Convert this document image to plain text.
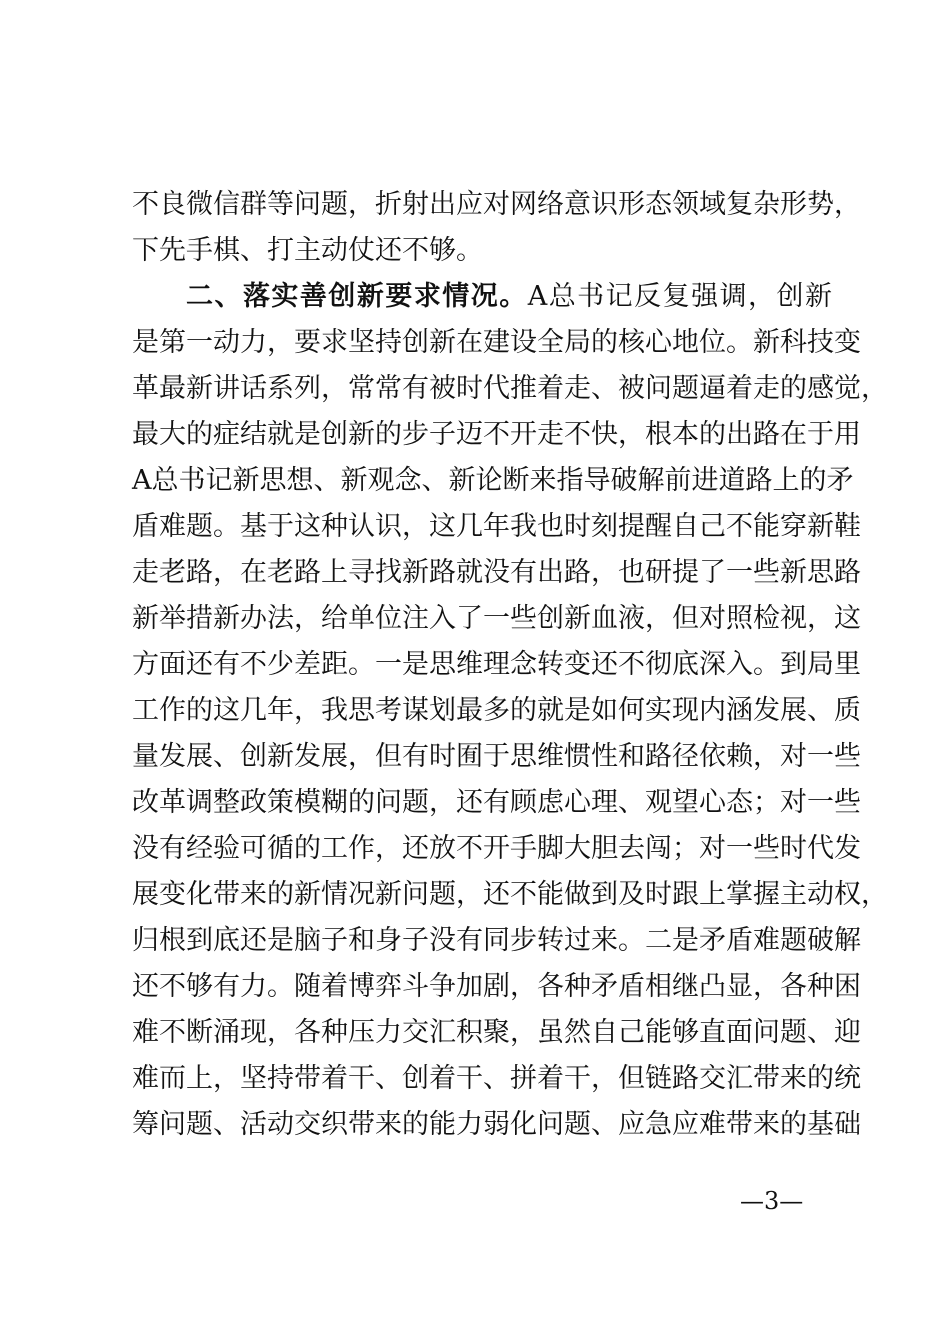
不良微信群等问题，折射出应对网络意识形态领域复杂形势，
下先手棋、打主动仗还不够。
二、落实善创新要求情况。A总书记反复强调，创新
是第一动力，要求坚持创新在建设全局的核心地位。新科技变
革最新讲话系列，常常有被时代推着走、被问题逼着走的感觉，
最大的症结就是创新的步子迈不开走不快，根本的出路在于用
A总书记新思想、新观念、新论断来指导破解前进道路上的矛
盾难题。基于这种认识，这几年我也时刻提醒自己不能穿新鞋
走老路，在老路上寻找新路就没有出路，也研提了一些新思路
新举措新办法，给单位注入了一些创新血液，但对照检视，这
方面还有不少差距。一是思维理念转变还不彻底深入。到局里
工作的这几年，我思考谋划最多的就是如何实现内涵发展、质
量发展、创新发展，但有时囿于思维惯性和路径依赖，对一些
改革调整政策模糊的问题，还有顾虑心理、观望心态；对一些
没有经验可循的工作，还放不开手脚大胆去闯；对一些时代发
展变化带来的新情况新问题，还不能做到及时跟上掌握主动权，
归根到底还是脑子和身子没有同步转过来。二是矛盾难题破解
还不够有力。随着博弈斗争加剧，各种矛盾相继凸显，各种困
难不断涌现，各种压力交汇积聚，虽然自己能够直面问题、迎
难而上，坚持带着干、创着干、拼着干，但链路交汇带来的统
筹问题、活动交织带来的能力弱化问题、应急应难带来的基础
—3—
